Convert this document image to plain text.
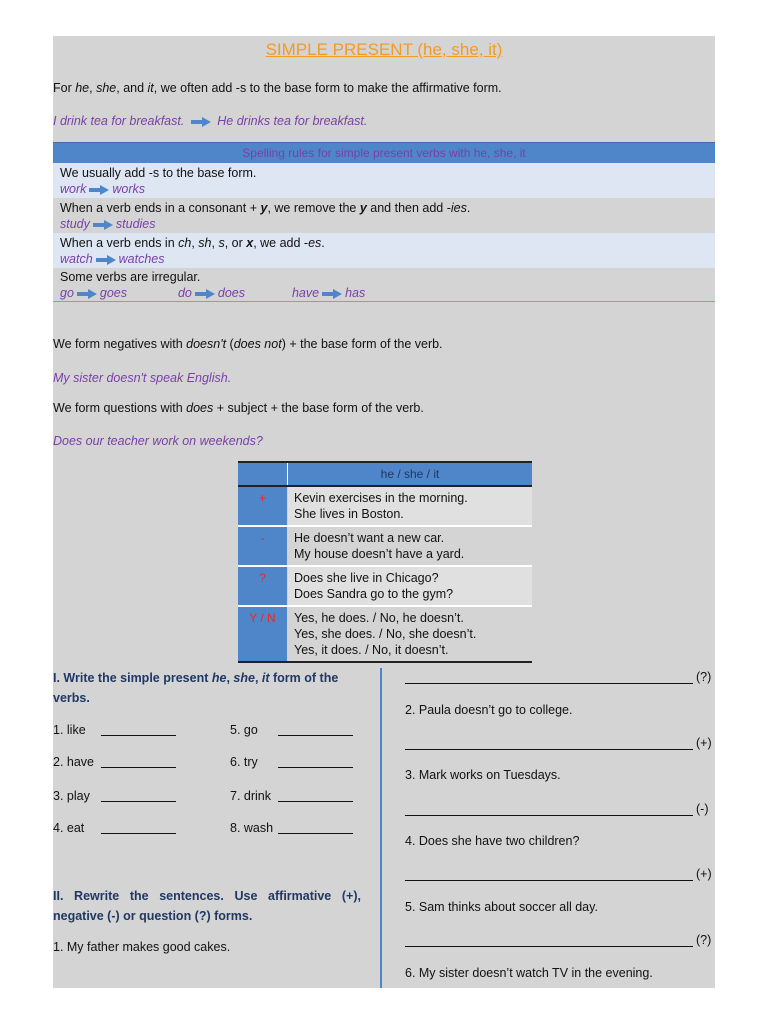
SIMPLE PRESENT (he, she, it)
For he, she, and it, we often add -s to the base form to make the affirmative form.
I drink tea for breakfast.	He drinks tea for breakfast.
Spelling rules for simple present verbs with he, she, it
We usually add -s to the base form.
work works
When a verb ends in a consonant + y, we remove the y and then add -ies.
study studies
When a verb ends in ch, sh, s, or x, we add -es.
watch watches
Some verbs are irregular.
go goes	do does	have has
We form negatives with doesn't (does not) + the base form of the verb.
My sister doesn't speak English.
We form questions with does + subject + the base form of the verb.
Does our teacher work on weekends?
he / she / it
+	Kevin exercises in the morning.
She lives in Boston.
-	He doesn’t want a new car.
My house doesn’t have a yard.
?	Does she live in Chicago?
Does Sandra go to the gym?
Y / N	Yes, he does. / No, he doesn’t.
Yes, she does. / No, she doesn’t.
Yes, it does. / No, it doesn’t.
I. Write the simple present he, she, it form of the
verbs.
1. like	5. go
2. have	6. try
3. play	7. drink
4. eat	8. wash
II. Rewrite the sentences. Use affirmative (+),
negative (-) or question (?) forms.
1. My father makes good cakes.
(?)
2. Paula doesn’t go to college.
(+)
3. Mark works on Tuesdays.
(-)
4. Does she have two children?
(+)
5. Sam thinks about soccer all day.
(?)
6. My sister doesn’t watch TV in the evening.
